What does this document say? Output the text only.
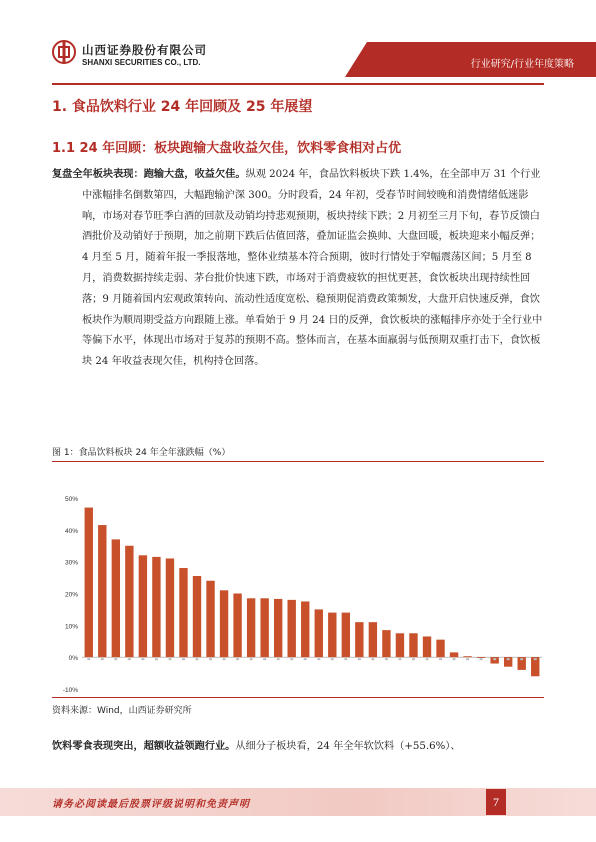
山西证券股份有限公司
SHANXI SECURITIES CO., LTD.	行业研究/行业年度策略
1. 食品饮料行业 24 年回顾及 25 年展望
1.1 24 年回顾：板块跑输大盘收益欠佳，饮料零食相对占优
复盘全年板块表现：跑输大盘，收益欠佳。纵观 2024 年，食品饮料板块下跌 1.4%，在全部申万 31 个行业中涨幅排名倒数第四，大幅跑输沪深 300。分时段看，24 年初，受春节时间较晚和消费情绪低迷影响，市场对春节旺季白酒的回款及动销均持悲观预期，板块持续下跌；2 月初至三月下旬，春节反馈白酒批价及动销好于预期，加之前期下跌后估值回落，叠加证监会换帅、大盘回暖，板块迎来小幅反弹；4 月至 5 月，随着年报一季报落地，整体业绩基本符合预期，彼时行情处于窄幅震荡区间；5 月至 8 月，消费数据持续走弱、茅台批价快速下跌，市场对于消费疲软的担忧更甚，食饮板块出现持续性回落；9 月随着国内宏观政策转向、流动性适度宽松、稳预期促消费政策频发，大盘开启快速反弹，食饮板块作为顺周期受益方向跟随上涨。单看始于 9 月 24 日的反弹，食饮板块的涨幅排序亦处于全行业中等偏下水平，体现出市场对于复苏的预期不高。整体而言，在基本面羸弱与低预期双重打击下，食饮板块 24 年收益表现欠佳，机构持仓回落。
图 1：食品饮料板块 24 年全年涨跌幅（%）
50%
40%
30%
20%
10%
0%
-10%
资料来源：Wind，山西证券研究所
饮料零食表现突出，超额收益领跑行业。从细分子板块看，24 年全年软饮料（+55.6%）、
请务必阅读最后股票评级说明和免责声明	7
